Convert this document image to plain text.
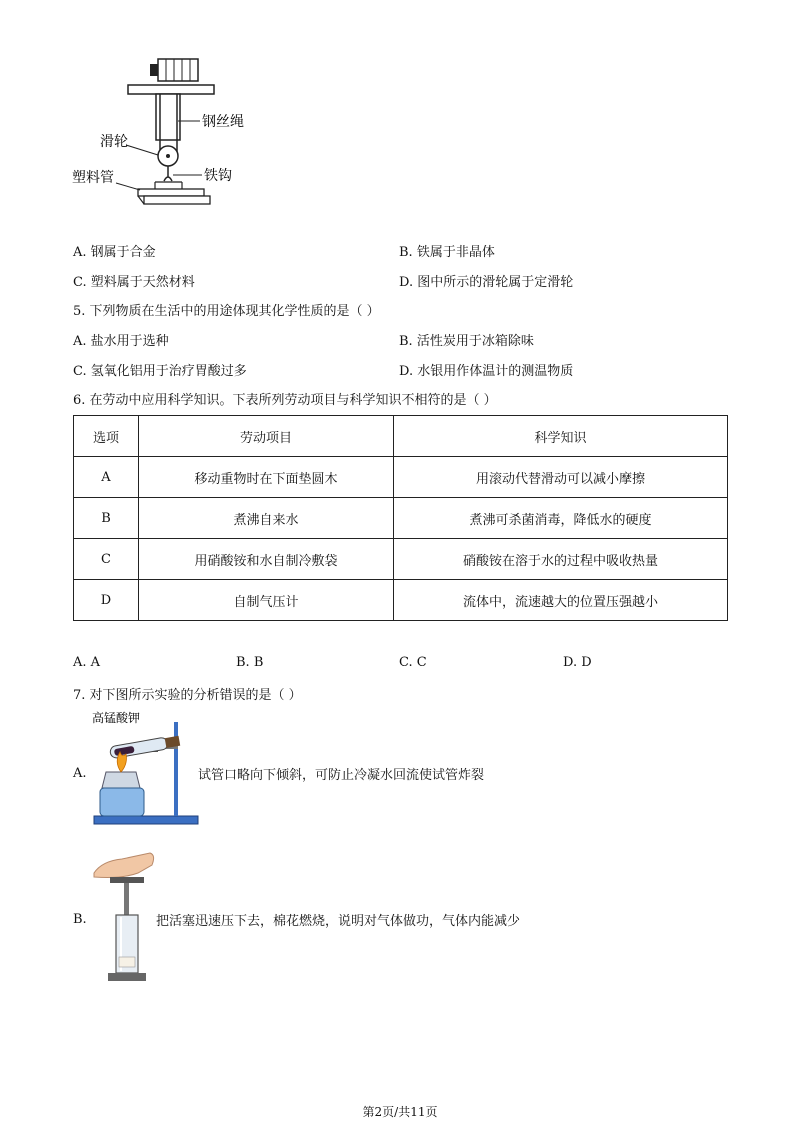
钢丝绳
滑轮
塑料管	铁钩
A. 钢属于合金	B. 铁属于非晶体
C. 塑料属于天然材料	D. 图中所示的滑轮属于定滑轮
5. 下列物质在生活中的用途体现其化学性质的是（ ）
A. 盐水用于选种	B. 活性炭用于冰箱除味
C. 氢氧化铝用于治疗胃酸过多	D. 水银用作体温计的测温物质
6. 在劳动中应用科学知识。下表所列劳动项目与科学知识不相符的是（ ）
选项	劳动项目	科学知识
A	移动重物时在下面垫圆木	用滚动代替滑动可以减小摩擦
B	煮沸自来水	煮沸可杀菌消毒，降低水的硬度
C	用硝酸铵和水自制冷敷袋	硝酸铵在溶于水的过程中吸收热量
D	自制气压计	流体中，流速越大的位置压强越小
A. A	B. B	C. C	D. D
7. 对下图所示实验的分析错误的是（ ）
高锰酸钾
A.	试管口略向下倾斜，可防止冷凝水回流使试管炸裂
B.	把活塞迅速压下去，棉花燃烧，说明对气体做功，气体内能减少
第2页/共11页
